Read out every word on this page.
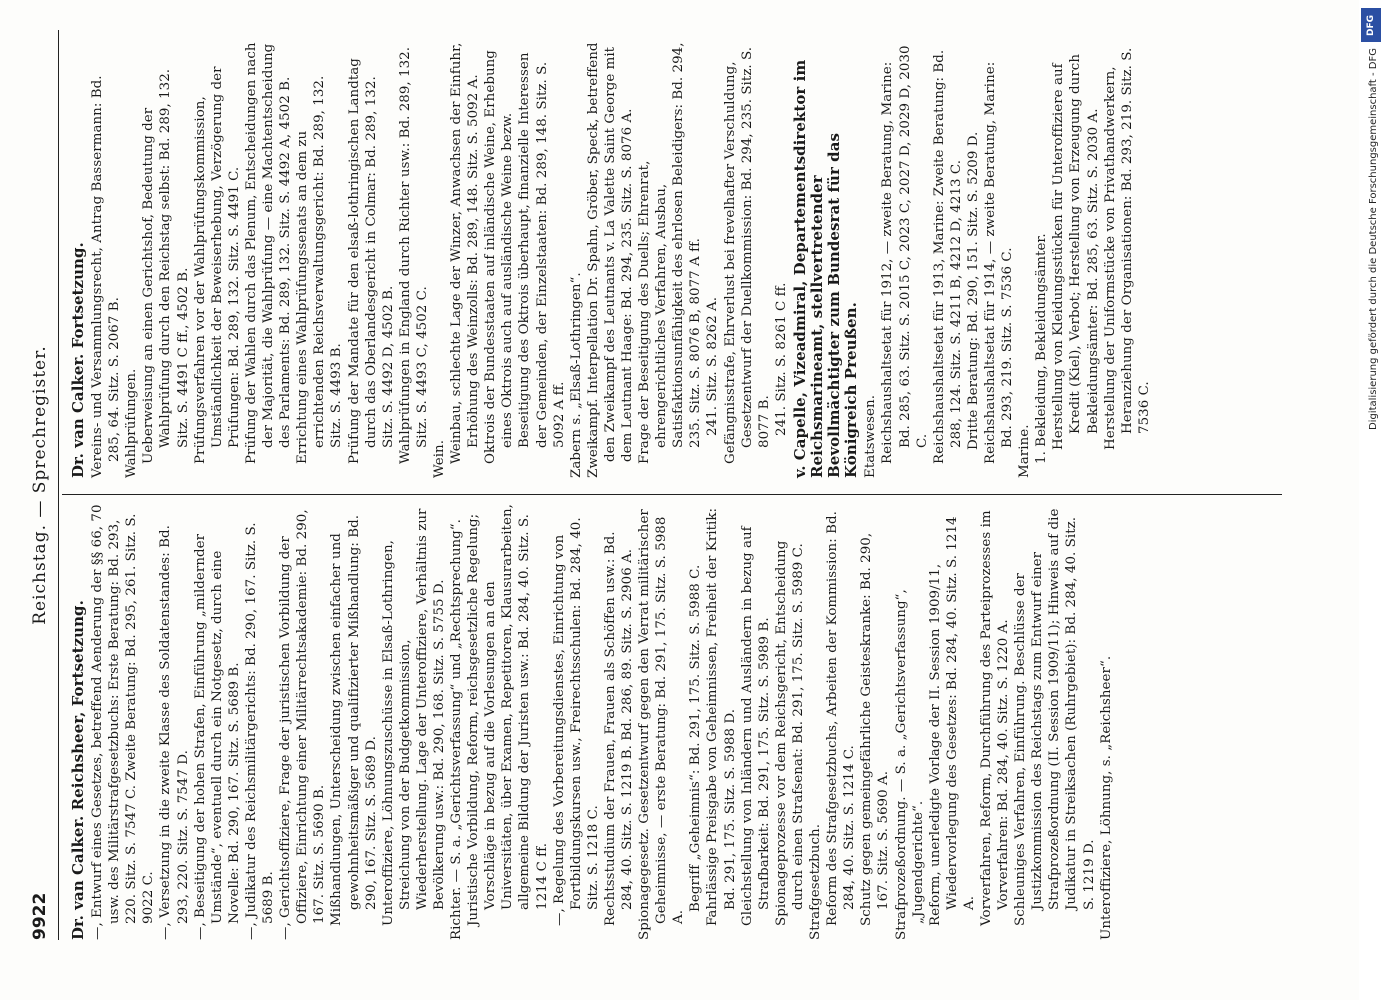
9922
Reichstag. — Sprechregister.
Dr. van Calker. Reichsheer, Fortsetzung. —, Entwurf eines Gesetzes, betreffend Aenderung der §§ 66, 70 usw. des Militärstrafgesetzbuchs: Erste Beratung: Bd. 293, 220. Sitz. S. 7547 C. Zweite Beratung: Bd. 295, 261. Sitz. S. 9022 C. —, Versetzung in die zweite Klasse des Soldatenstandes: Bd. 293, 220. Sitz. S. 7547 D. —, Beseitigung der hohen Strafen, Einführung „mildernder Umstände“, eventuell durch ein Notgesetz, durch eine Novelle: Bd. 290, 167. Sitz. S. 5689 B. —, Judikatur des Reichsmilitärgerichts: Bd. 290, 167. Sitz. S. 5689 B. —, Gerichtsoffiziere, Frage der juristischen Vorbildung der Offiziere, Einrichtung einer Militärrechtsakademie: Bd. 290, 167. Sitz. S. 5690 B. Mißhandlungen, Unterscheidung zwischen einfacher und gewohnheitsmäßiger und qualifizierter Mißhandlung: Bd. 290, 167. Sitz. S. 5689 D. Unteroffiziere, Löhnungszuschüsse in Elsaß-Lothringen, Streichung von der Budgetkommission, Wiederherstellung. Lage der Unteroffiziere, Verhältnis zur Bevölkerung usw.: Bd. 290, 168. Sitz. S. 5755 D. Richter. — S. a. „Gerichtsverfassung“ und „Rechtsprechung“. Juristische Vorbildung, Reform, reichsgesetzliche Regelung; Vorschläge in bezug auf die Vorlesungen an den Universitäten, über Examen, Repetitoren, Klausurarbeiten, allgemeine Bildung der Juristen usw.: Bd. 284, 40. Sitz. S. 1214 C ff. —, Regelung des Vorbereitungsdienstes, Einrichtung von Fortbildungskursen usw., Freirechtsschulen: Bd. 284, 40. Sitz. S. 1218 C. Rechtsstudium der Frauen, Frauen als Schöffen usw.: Bd. 284, 40. Sitz. S. 1219 B. Bd. 286, 89. Sitz. S. 2906 A. Spionagegesetz. Gesetzentwurf gegen den Verrat militärischer Geheimnisse, — erste Beratung: Bd. 291, 175. Sitz. S. 5988 A.

Begriff „Geheimnis“: Bd. 291, 175. Sitz. S. 5988 C. Fahrlässige Preisgabe von Geheimnissen, Freiheit der Kritik: Bd. 291, 175. Sitz. S. 5988 D. Gleichstellung von Inländern und Ausländern in bezug auf Strafbarkeit: Bd. 291, 175. Sitz. S. 5989 B. Spionageprozesse vor dem Reichsgericht, Entscheidung durch einen Strafsenat: Bd. 291, 175. Sitz. S. 5989 C. Strafgesetzbuch. Reform des Strafgesetzbuchs, Arbeiten der Kommission: Bd. 284, 40. Sitz. S. 1214 C. Schutz gegen gemeingefährliche Geisteskranke: Bd. 290, 167. Sitz. S. 5690 A. Strafprozeßordnung. — S. a. „Gerichtsverfassung“, „Jugendgerichte“. Reform, unerledigte Vorlage der II. Session 1909/11, Wiedervorlegung des Gesetzes: Bd. 284, 40. Sitz. S. 1214 A. Vorverfahren, Reform, Durchführung des Parteiprozesses im Vorverfahren: Bd. 284, 40. Sitz. S. 1220 A. Schleuniges Verfahren, Einführung. Beschlüsse der Justizkommission des Reichstags zum Entwurf einer Strafprozeßordnung (II. Session 1909/11); Hinweis auf die Judikatur in Streiksachen (Ruhrgebiet): Bd. 284, 40. Sitz. S. 1219 D. Unteroffiziere, Löhnung, s. „Reichsheer“.

Dr. van Calker. Fortsetzung. Vereins- und Versammlungsrecht, Antrag Bassermann: Bd. 285, 64. Sitz. S. 2067 B. Wahlprüfungen. Ueberweisung an einen Gerichtshof, Bedeutung der Wahlprüfung durch den Reichstag selbst: Bd. 289, 132. Sitz. S. 4491 C ff., 4502 B. Prüfungsverfahren vor der Wahlprüfungskommission, Umständlichkeit der Beweiserhebung, Verzögerung der Prüfungen: Bd. 289, 132. Sitz. S. 4491 C. Prüfung der Wahlen durch das Plenum, Entscheidungen nach der Majorität, die Wahlprüfung — eine Machtentscheidung des Parlaments: Bd. 289, 132. Sitz. S. 4492 A, 4502 B. Errichtung eines Wahlprüfungssenats an dem zu errichtenden Reichsverwaltungsgericht: Bd. 289, 132. Sitz. S. 4493 B. Prüfung der Mandate für den elsaß-lothringischen Landtag durch das Oberlandesgericht in Colmar: Bd. 289, 132. Sitz. S. 4492 D, 4502 B. Wahlprüfungen in England durch Richter usw.: Bd. 289, 132. Sitz. S. 4493 C, 4502 C.

Wein. Weinbau, schlechte Lage der Winzer, Anwachsen der Einfuhr, Erhöhung des Weinzolls: Bd. 289, 148. Sitz. S. 5092 A. Oktrois der Bundesstaaten auf inländische Weine, Erhebung eines Oktrois auch auf ausländische Weine bezw. Beseitigung des Oktrois überhaupt, finanzielle Interessen der Gemeinden, der Einzelstaaten: Bd. 289, 148. Sitz. S. 5092 A ff. Zabern s. „Elsaß-Lothringen“. Zweikampf. Interpellation Dr. Spahn, Gröber, Speck, betreffend den Zweikampf des Leutnants v. La Valette Saint George mit dem Leutnant Haage: Bd. 294, 235. Sitz. S. 8076 A. Frage der Beseitigung des Duells; Ehrenrat, ehrengerichtliches Verfahren, Ausbau, Satisfaktionsunfähigkeit des ehrlosen Beleidigers: Bd. 294, 235. Sitz. S. 8076 B, 8077 A ff. 241. Sitz. S. 8262 A. Gefängnisstrafe, Ehrverlust bei frevelhafter Verschuldung, Gesetzentwurf der Duellkommission: Bd. 294, 235. Sitz. S. 8077 B. 241. Sitz. S. 8261 C ff. v. Capelle, Vizeadmiral, Departementsdirektor im Reichsmarineamt, stellvertretender Bevollmächtigter zum Bundesrat für das Königreich Preußen. Etatswesen. Reichshaushaltsetat für 1912, — zweite Beratung, Marine: Bd. 285, 63. Sitz. S. 2015 C, 2023 C, 2027 D, 2029 D, 2030 C. Reichshaushaltsetat für 1913, Marine: Zweite Beratung: Bd. 288, 124. Sitz. S. 4211 B, 4212 D, 4213 C. Dritte Beratung: Bd. 290, 151. Sitz. S. 5209 D. Reichshaushaltsetat für 1914, — zweite Beratung, Marine: Bd. 293, 219. Sitz. S. 7536 C.

Marine. 1. Bekleidung, Bekleidungsämter. Herstellung von Kleidungsstücken für Unteroffiziere auf Kredit (Kiel), Verbot; Herstellung von Erzeugung durch Bekleidungsämter: Bd. 285, 63. Sitz. S. 2030 A. Herstellung der Uniformstücke von Privathandwerkern, Heranziehung der Organisationen: Bd. 293, 219. Sitz. S. 7536 C.

DFG
Digitalisierung gefördert durch die Deutsche Forschungsgemeinschaft - DFG
